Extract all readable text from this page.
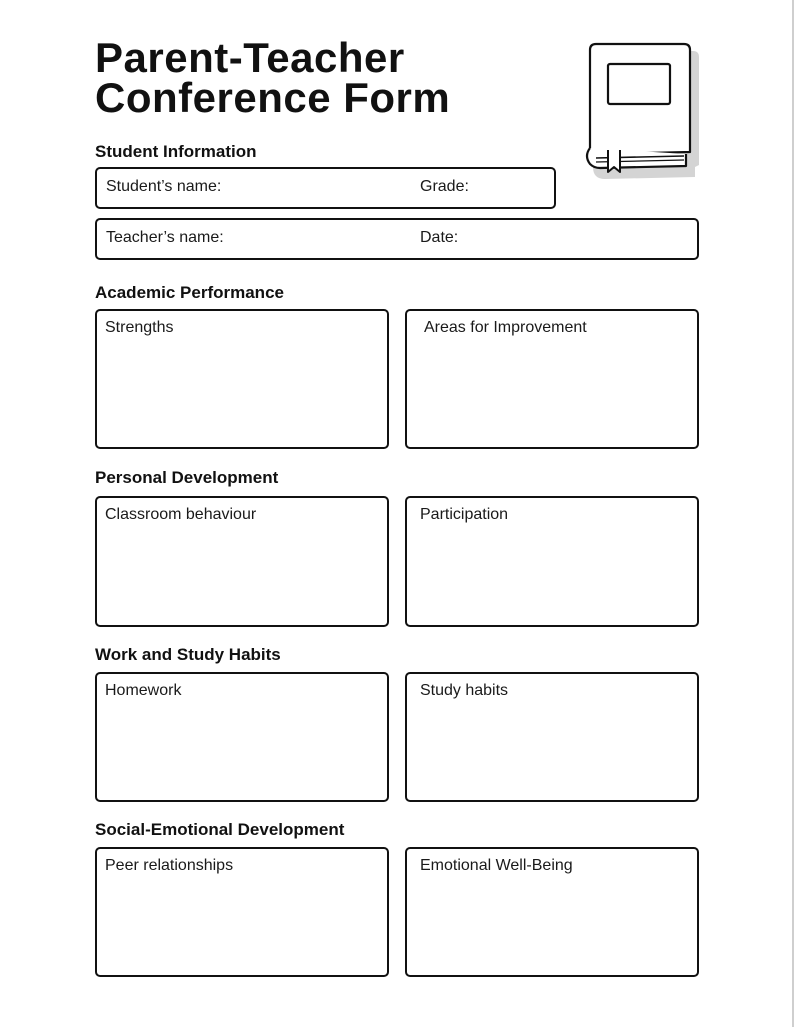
Parent-Teacher
Conference Form
Student Information
Student’s name:	Grade:
Teacher’s name:	Date:
Academic Performance
Strengths	Areas for Improvement
Personal Development
Classroom behaviour	Participation
Work and Study Habits
Homework	Study habits
Social-Emotional Development
Peer relationships	Emotional Well-Being
